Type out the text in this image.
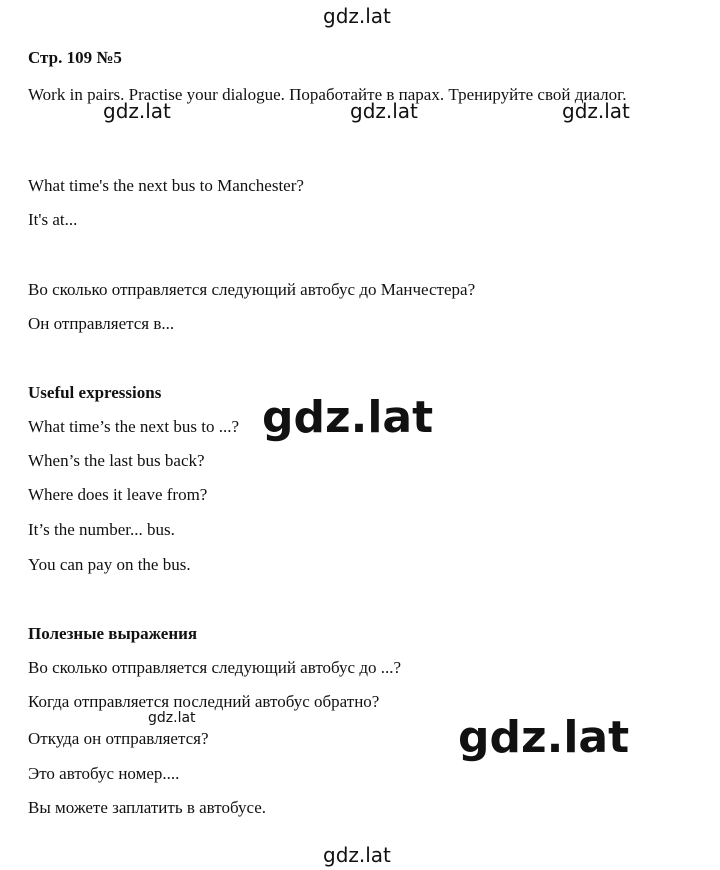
gdz.lat
Стр. 109 №5
Work in pairs. Practise your dialogue. Поработайте в парах. Тренируйте свой диалог.
gdz.lat	gdz.lat	gdz.lat
What time's the next bus to Manchester?
It's at...
Во сколько отправляется следующий автобус до Манчестера?
Он отправляется в...
Useful expressions
What time’s the next bus to ...?
When’s the last bus back?
Where does it leave from?
It’s the number... bus.
You can pay on the bus.
gdz.lat
Полезные выражения
Во сколько отправляется следующий автобус до ...?
Когда отправляется последний автобус обратно?
Откуда он отправляется?
Это автобус номер....
Вы можете заплатить в автобусе.
gdz.lat	gdz.lat
gdz.lat
